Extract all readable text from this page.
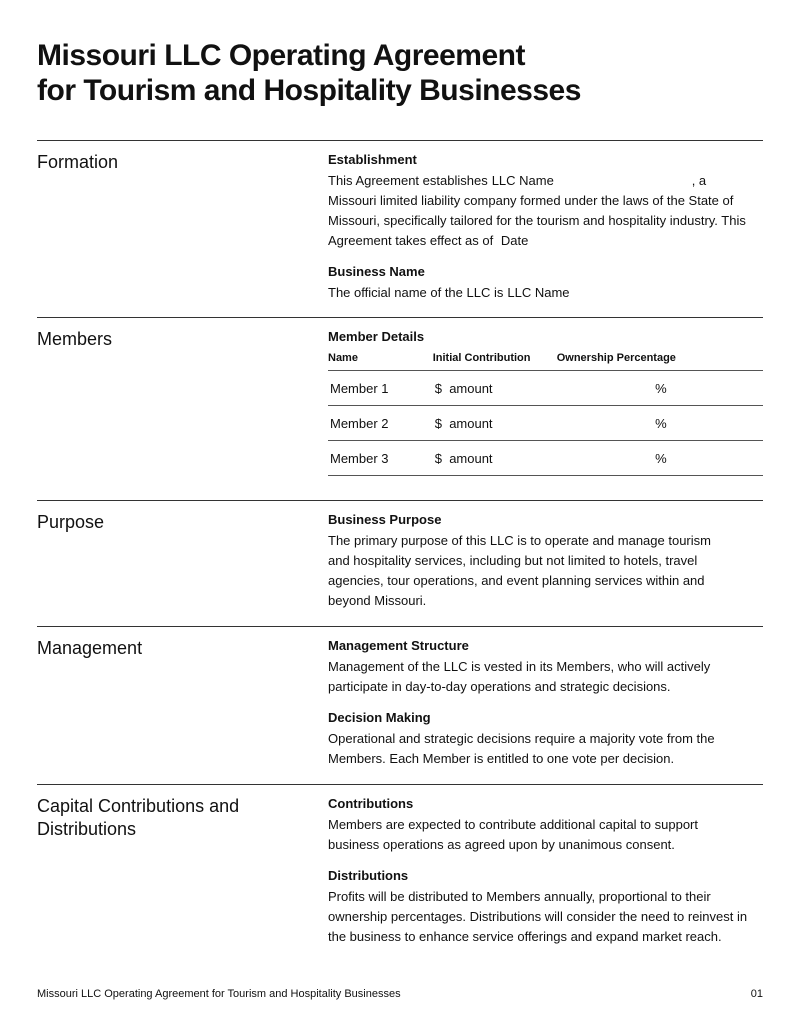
Missouri LLC Operating Agreement
for Tourism and Hospitality Businesses
Formation	Establishment

This Agreement establishes LLC Name	, a Missouri limited liability company formed under the laws of the State of Missouri, specifically tailored for the tourism and hospitality industry. This Agreement takes effect as of Date

Business Name

The official name of the LLC is LLC Name

Members	Member Details
Name	Initial Contribution	Ownership Percentage
Member 1	$ amount	%
Member 2	$ amount	%
Member 3	$ amount	%
Purpose	Business Purpose

The primary purpose of this LLC is to operate and manage tourism and hospitality services, including but not limited to hotels, travel agencies, tour operations, and event planning services within and beyond Missouri.

Management	Management Structure

Management of the LLC is vested in its Members, who will actively participate in day-to-day operations and strategic decisions.

Decision Making

Operational and strategic decisions require a majority vote from the Members. Each Member is entitled to one vote per decision.

Capital Contributions and Distributions
Contributions

Members are expected to contribute additional capital to support business operations as agreed upon by unanimous consent.

Distributions

Profits will be distributed to Members annually, proportional to their ownership percentages. Distributions will consider the need to reinvest in the business to enhance service offerings and expand market reach.

Missouri LLC Operating Agreement for Tourism and Hospitality Businesses	01
